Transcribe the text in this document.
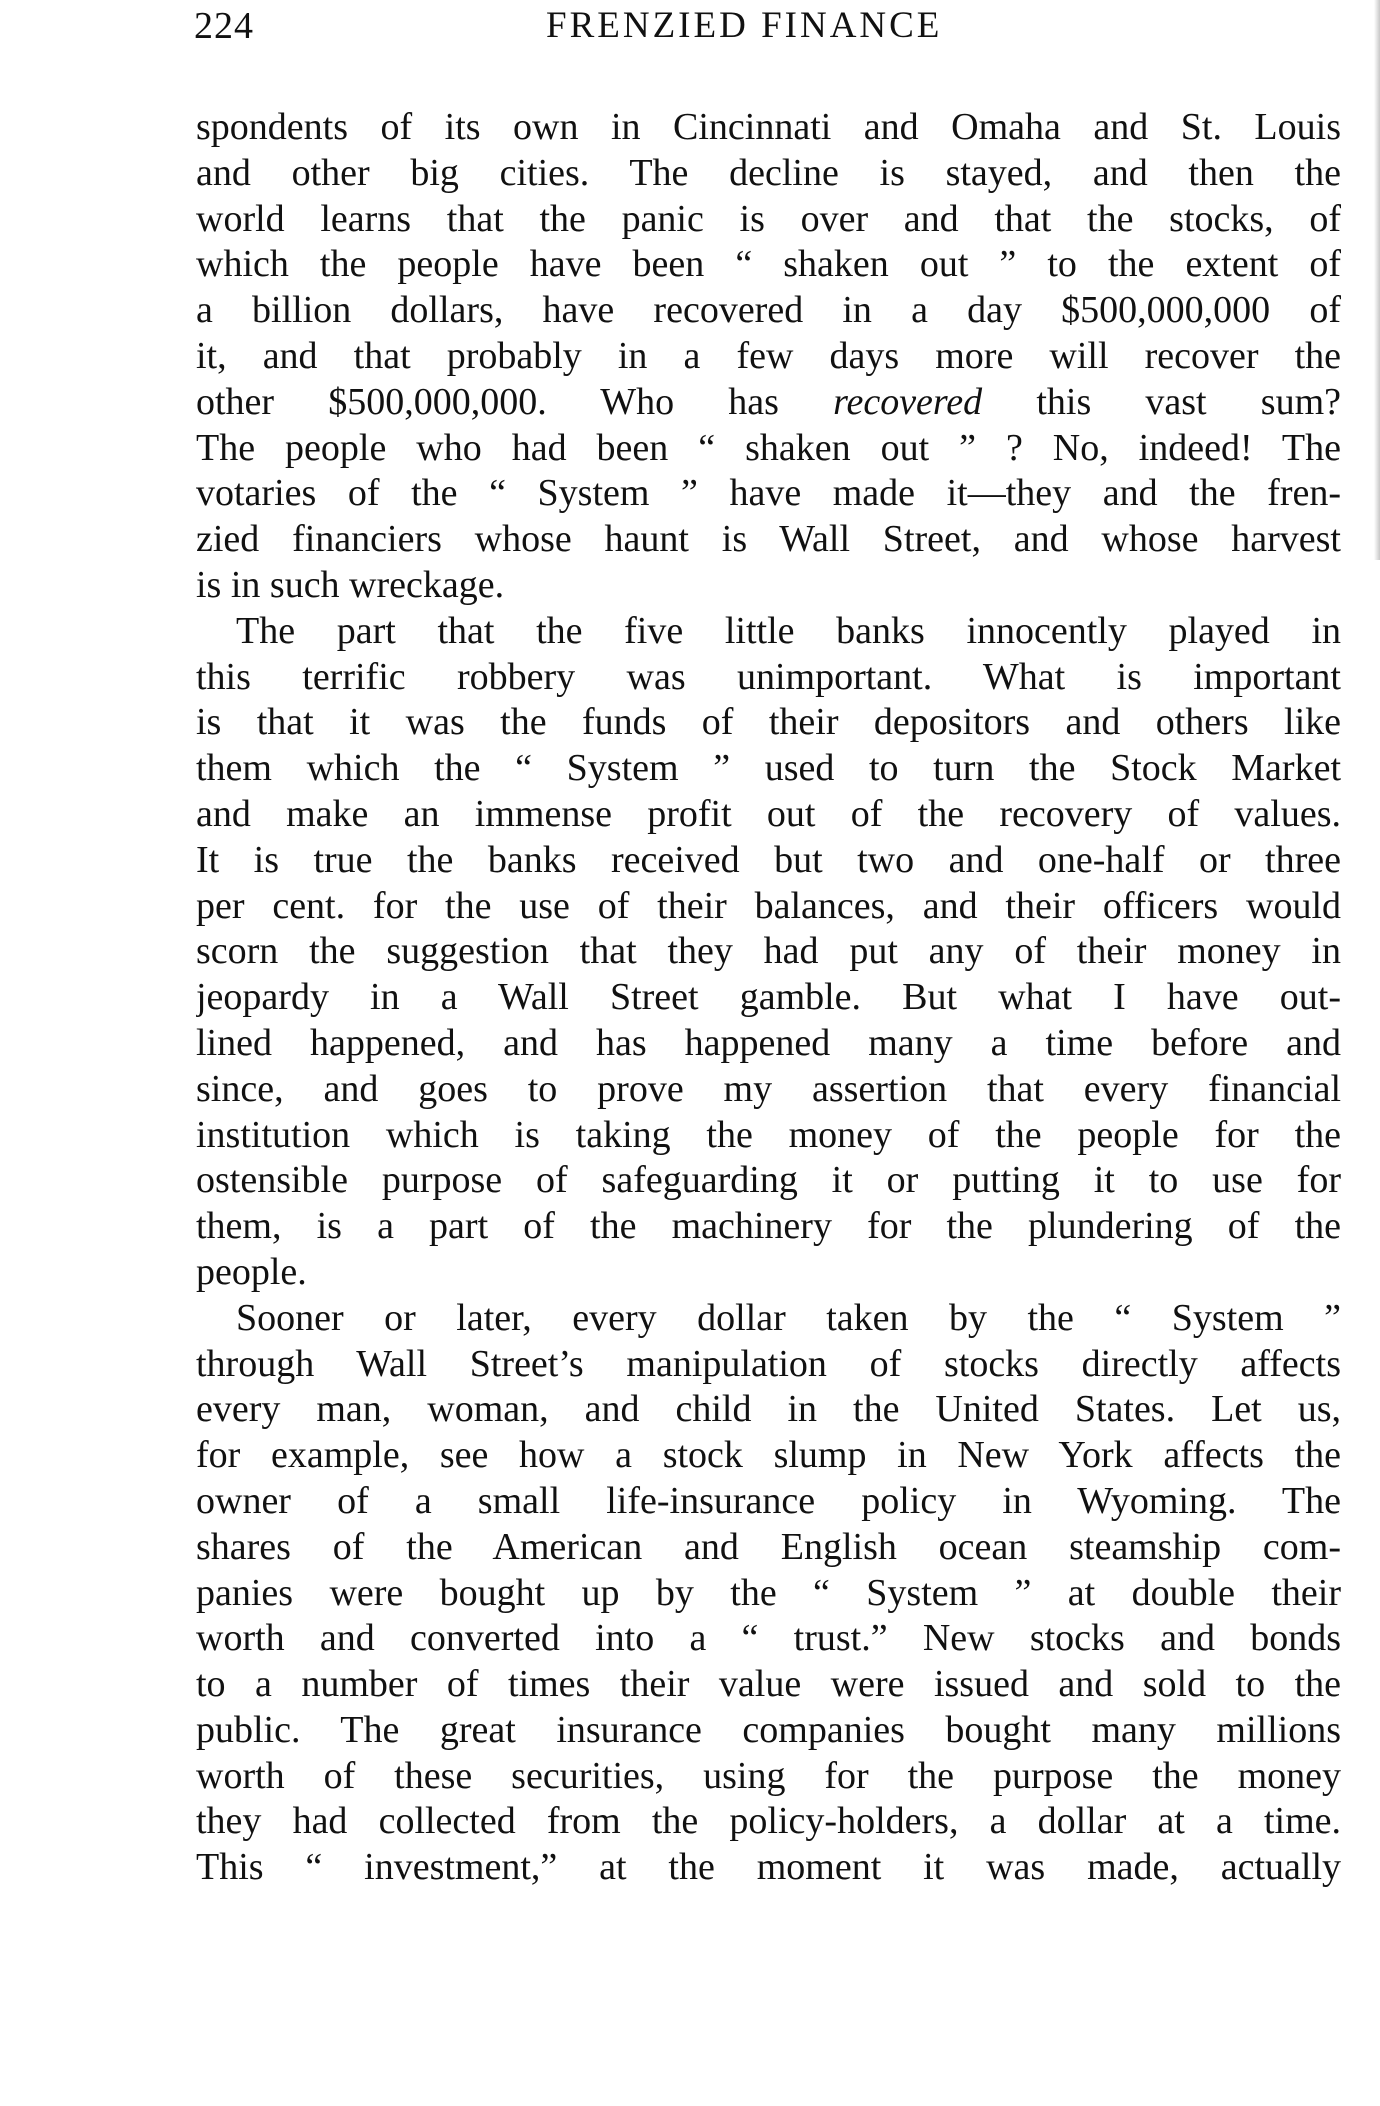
224	FRENZIED FINANCE
spondents of its own in Cincinnati and Omaha and St. Louis
and other big cities. The decline is stayed, and then the
world learns that the panic is over and that the stocks, of
which the people have been “ shaken out ” to the extent of
a billion dollars, have recovered in a day $500,000,000 of
it, and that probably in a few days more will recover the
other $500,000,000. Who has recovered this vast sum?
The people who had been “ shaken out ” ? No, indeed! The
votaries of the “ System ” have made it—they and the fren-
zied financiers whose haunt is Wall Street, and whose harvest
is in such wreckage.
The part that the five little banks innocently played in
this terrific robbery was unimportant. What is important
is that it was the funds of their depositors and others like
them which the “ System ” used to turn the Stock Market
and make an immense profit out of the recovery of values.
It is true the banks received but two and one-half or three
per cent. for the use of their balances, and their officers would
scorn the suggestion that they had put any of their money in
jeopardy in a Wall Street gamble. But what I have out-
lined happened, and has happened many a time before and
since, and goes to prove my assertion that every financial
institution which is taking the money of the people for the
ostensible purpose of safeguarding it or putting it to use for
them, is a part of the machinery for the plundering of the
people.
Sooner or later, every dollar taken by the “ System ”
through Wall Street’s manipulation of stocks directly affects
every man, woman, and child in the United States. Let us,
for example, see how a stock slump in New York affects the
owner of a small life-insurance policy in Wyoming. The
shares of the American and English ocean steamship com-
panies were bought up by the “ System ” at double their
worth and converted into a “ trust.” New stocks and bonds
to a number of times their value were issued and sold to the
public. The great insurance companies bought many millions
worth of these securities, using for the purpose the money
they had collected from the policy-holders, a dollar at a time.
This “ investment,” at the moment it was made, actually
